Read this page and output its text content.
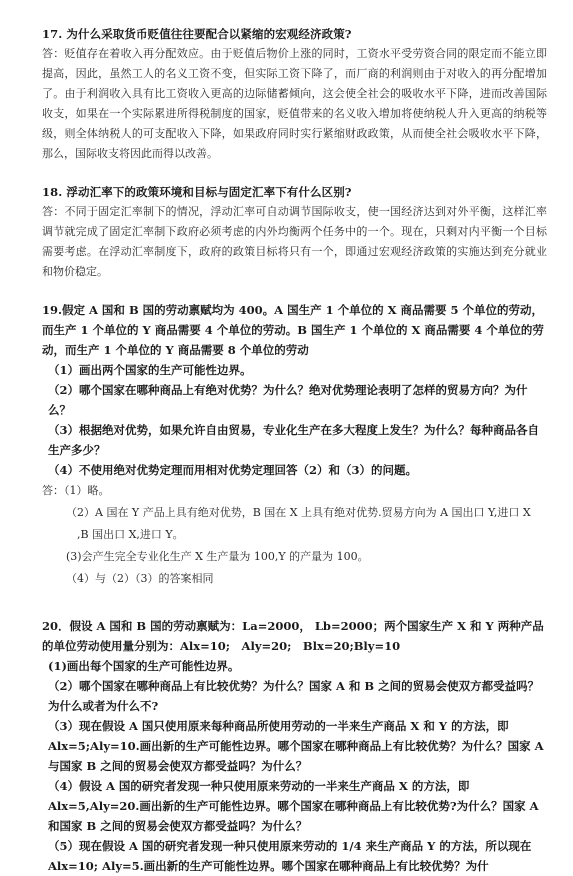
17. 为什么采取货币贬值往往要配合以紧缩的宏观经济政策?

答：贬值存在着收入再分配效应。由于贬值后物价上涨的同时，工资水平受劳资合同的限定而不能立即提高，因此，虽然工人的名义工资不变，但实际工资下降了，而厂商的利润则由于对收入的再分配增加了。由于利润收入具有比工资收入更高的边际储蓄倾向，这会使全社会的吸收水平下降，进而改善国际收支，如果在一个实际累进所得税制度的国家，贬值带来的名义收入增加将使纳税人升入更高的纳税等级，则全体纳税人的可支配收入下降，如果政府同时实行紧缩财政政策，从而使全社会吸收水平下降，那么，国际收支将因此而得以改善。

18. 浮动汇率下的政策环境和目标与固定汇率下有什么区别?

答：不同于固定汇率制下的情况，浮动汇率可自动调节国际收支，使一国经济达到对外平衡，这样汇率调节就完成了固定汇率制下政府必须考虑的内外均衡两个任务中的一个。现在，只剩对内平衡一个目标需要考虑。在浮动汇率制度下，政府的政策目标将只有一个，即通过宏观经济政策的实施达到充分就业和物价稳定。

19.假定 A 国和 B 国的劳动禀赋均为 400。A 国生产 1 个单位的 X 商品需要 5 个单位的劳动，而生产 1 个单位的 Y 商品需要 4 个单位的劳动。B 国生产 1 个单位的 X 商品需要 4 个单位的劳动，而生产 1 个单位的 Y 商品需要 8 个单位的劳动

（1）画出两个国家的生产可能性边界。

（2）哪个国家在哪种商品上有绝对优势？为什么？绝对优势理论表明了怎样的贸易方向？为什么？

（3）根据绝对优势，如果允许自由贸易，专业化生产在多大程度上发生？为什么？每种商品各自生产多少？

（4）不使用绝对优势定理而用相对优势定理回答（2）和（3）的问题。

答：（1）略。

（2）A 国在 Y 产品上具有绝对优势，B 国在 X 上具有绝对优势.贸易方向为 A 国出口 Y,进口 X 　,B 国出口 X,进口 Y。

(3)会产生完全专业化生产 X 生产量为 100,Y 的产量为 100。

（4）与（2）（3）的答案相同

20．假设 A 国和 B 国的劳动禀赋为：La=2000， Lb=2000；两个国家生产 X 和 Y 两种产品的单位劳动使用量分别为：Alx=10;　Aly=20;　Blx=20;Bly=10

(1)画出每个国家的生产可能性边界。

（2）哪个国家在哪种商品上有比较优势？为什么？国家 A 和 B 之间的贸易会使双方都受益吗？为什么或者为什么不?

（3）现在假设 A 国只使用原来每种商品所使用劳动的一半来生产商品 X 和 Y 的方法，即 Alx=5;Aly=10.画出新的生产可能性边界。哪个国家在哪种商品上有比较优势？为什么？国家 A 与国家 B 之间的贸易会使双方都受益吗？为什么？

（4）假设 A 国的研究者发现一种只使用原来劳动的一半来生产商品 X 的方法，即 Alx=5,Aly=20.画出新的生产可能性边界。哪个国家在哪种商品上有比较优势?为什么？国家 A 和国家 B 之间的贸易会使双方都受益吗？为什么？

（5）现在假设 A 国的研究者发现一种只使用原来劳动的 1/4 来生产商品 Y 的方法，所以现在 Alx=10; Aly=5.画出新的生产可能性边界。哪个国家在哪种商品上有比较优势？为什
